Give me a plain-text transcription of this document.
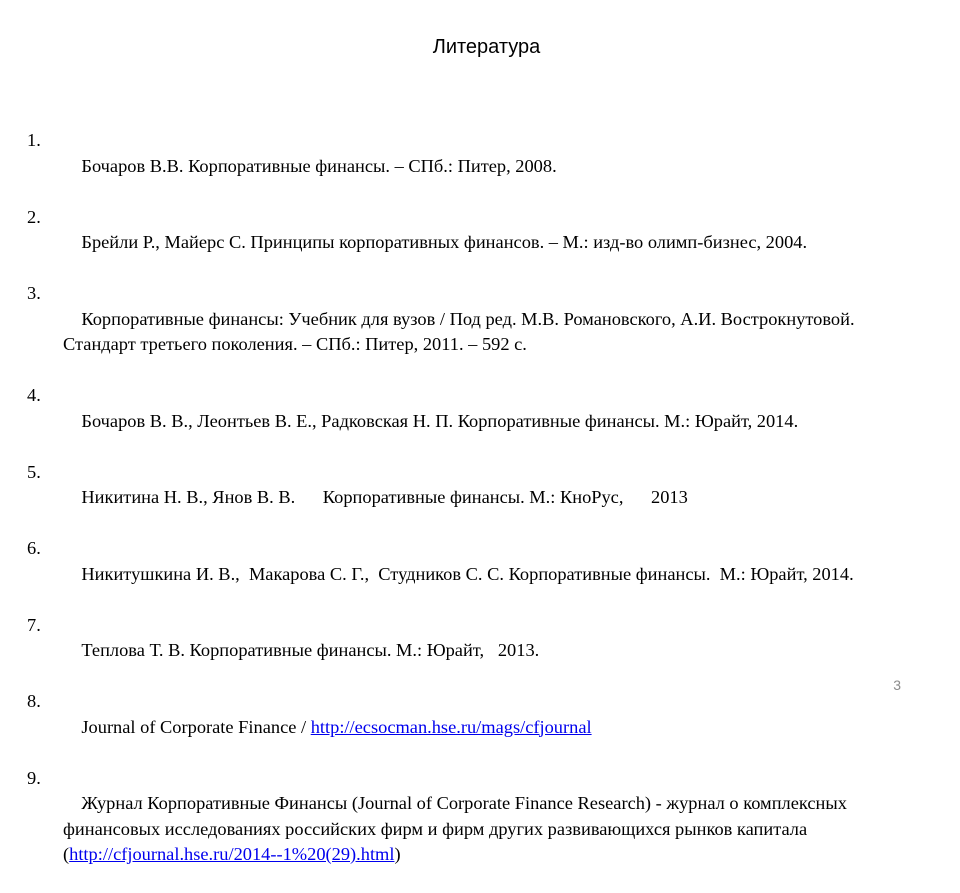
Литература

1.
Бочаров В.В. Корпоративные финансы. – СПб.: Питер, 2008.

2.
Брейли Р., Майерс С. Принципы корпоративных финансов. – М.: изд-во олимп-бизнес, 2004.

3.
Корпоративные финансы: Учебник для вузов / Под ред. М.В. Романовского, А.И. Вострокнутовой. Стандарт третьего поколения. – СПб.: Питер, 2011. – 592 с.

4.
Бочаров В. В., Леонтьев В. Е., Радковская Н. П. Корпоративные финансы. М.: Юрайт, 2014.

5.
Никитина Н. В., Янов В. В.      Корпоративные финансы. М.: КноРус,      2013

6.
Никитушкина И. В.,  Макарова С. Г.,  Студников С. С. Корпоративные финансы.  М.: Юрайт, 2014.

7.
Теплова Т. В. Корпоративные финансы. М.: Юрайт,   2013.

8.
Journal of Corporate Finance / http://ecsocman.hse.ru/mags/cfjournal

9.
Журнал Корпоративные Финансы (Journal of Corporate Finance Research) - журнал о комплексных финансовых исследованиях российских фирм и фирм других развивающихся рынков капитала (http://cfjournal.hse.ru/2014--1%20(29).html)

3
